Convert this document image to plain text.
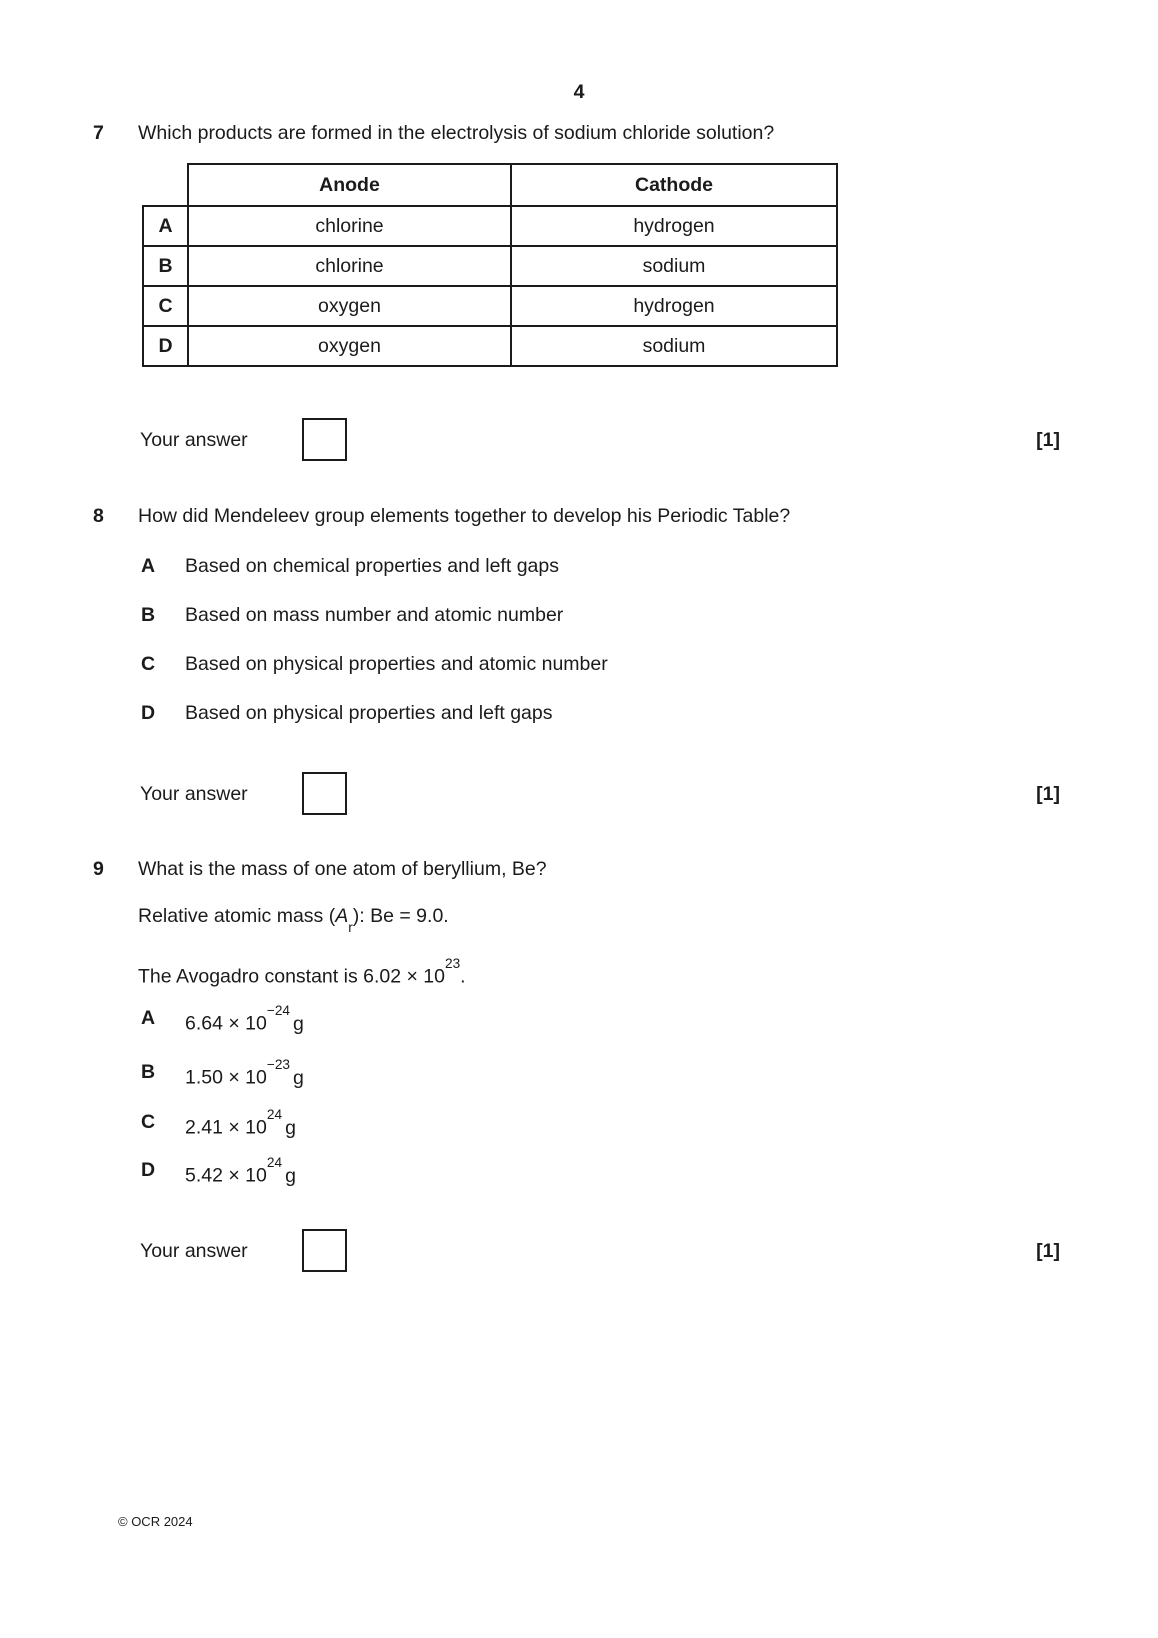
4
7 Which products are formed in the electrolysis of sodium chloride solution?
	Anode	Cathode
A	chlorine	hydrogen
B	chlorine	sodium
C	oxygen	hydrogen
D	oxygen	sodium
Your answer	[1]
8 How did Mendeleev group elements together to develop his Periodic Table?
A Based on chemical properties and left gaps
B Based on mass number and atomic number
C Based on physical properties and atomic number
D Based on physical properties and left gaps
Your answer	[1]
9 What is the mass of one atom of beryllium, Be?
Relative atomic mass $(A_r)$: Be = 9.0.
The Avogadro constant is $6.02 \times 10^{23}$.
A $6.64 \times 10^{-24}g$
B $1.50 \times 10^{-23}g$
C $2.41 \times 10^{24}g$
D $5.42 \times 10^{24}g$
Your answer	[1]
© OCR 2024
